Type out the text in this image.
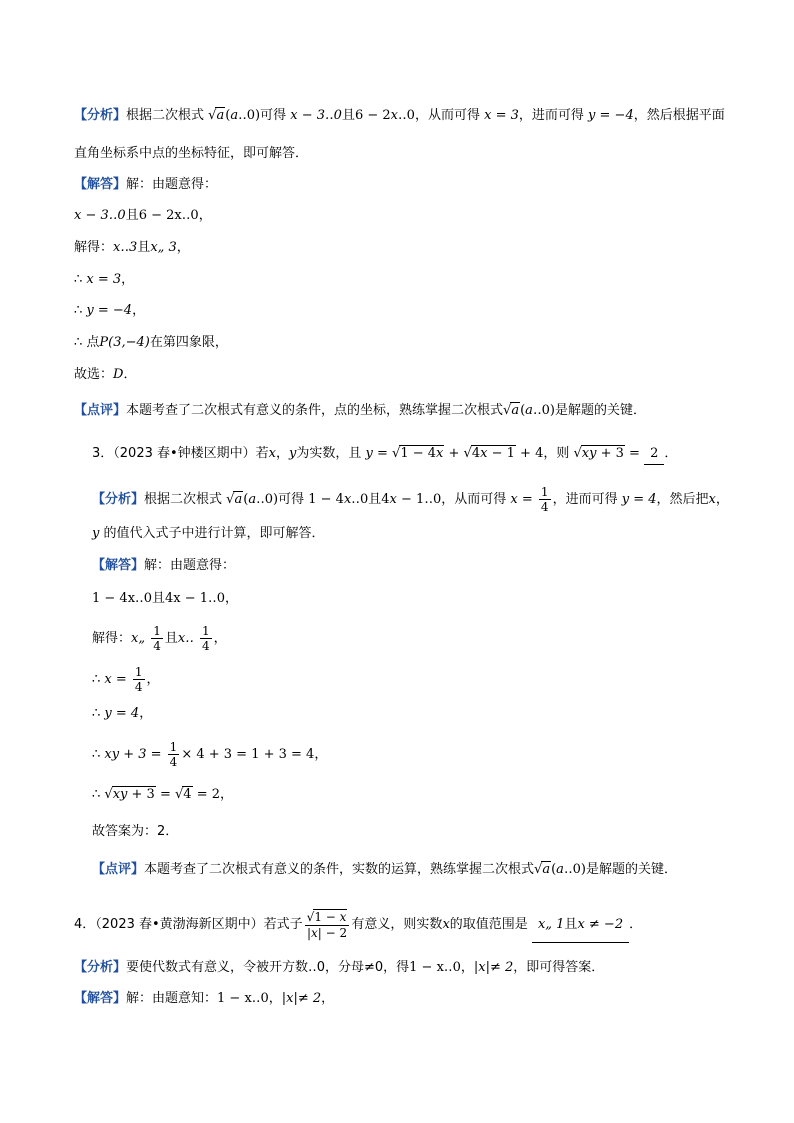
【分析】根据二次根式 √a(a‥0)可得 x − 3‥0且6 − 2x‥0，从而可得 x = 3，进而可得 y = −4，然后根据平面
直角坐标系中点的坐标特征，即可解答．
【解答】解：由题意得：
x − 3‥0且6 − 2x‥0，
解得：x‥3且x„ 3，
∴ x = 3，
∴ y = −4，
∴ 点P(3,−4)在第四象限，
故选：D．
【点评】本题考查了二次根式有意义的条件，点的坐标，熟练掌握二次根式√a(a‥0)是解题的关键．
3．（2023 春•钟楼区期中）若x，y为实数，且 y = √1 − 4x + √4x − 1 + 4，则 √xy + 3 = 2 ．
【分析】根据二次根式 √a(a‥0)可得 1 − 4x‥0且4x − 1‥0，从而可得 $x = \frac{1}{4}$ ，进而可得 y = 4，然后把x，
y 的值代入式子中进行计算，即可解答．
【解答】解：由题意得：
1 − 4x‥0且4x − 1‥0，
解得：x„ $\frac{1}{4}$ 且x‥ $\frac{1}{4}$ ，
∴ $x = \frac{1}{4}$ ，
∴ y = 4，
∴ xy + $3 = \frac{1}{4} \times 4 + 3 = 1 + 3 = 4$，
∴ √xy + 3 = √4 = 2，
故答案为：2．
【点评】本题考查了二次根式有意义的条件，实数的运算，熟练掌握二次根式√a(a‥0)是解题的关键．
4．（2023 春•黄渤海新区期中）若式子 $\frac{√1 - x}{|x| - 2}$ 有意义，则实数x的取值范围是 x„ 1且x ≠ −2 ．
【分析】要使代数式有意义，令被开方数‥0，分母≠0，得1 − x‥0，|x|≠ 2，即可得答案．
【解答】解：由题意知：1 − x‥0，|x|≠ 2，
